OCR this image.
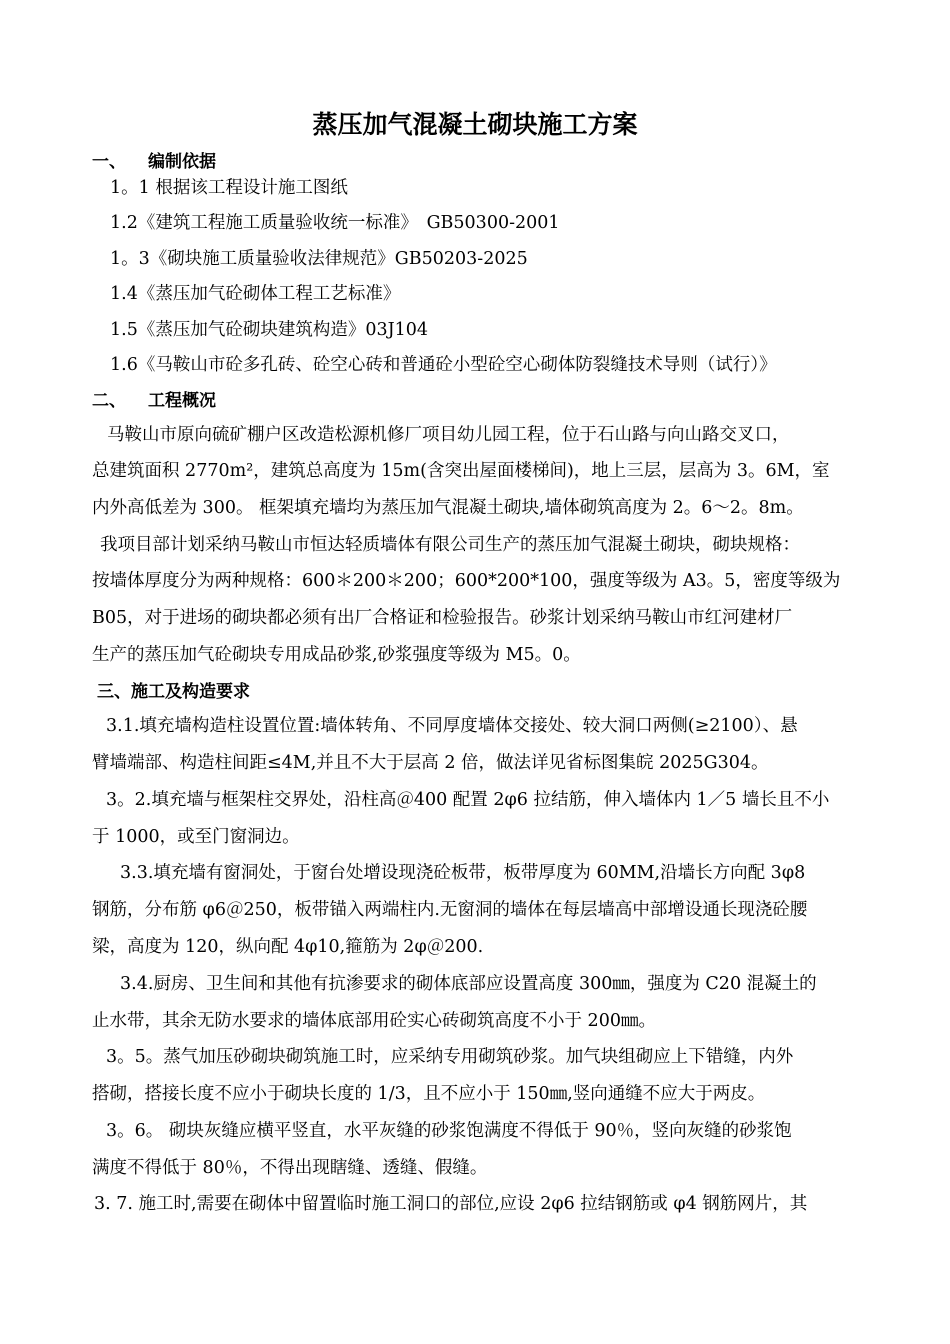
蒸压加气混凝土砌块施工方案
一、 编制依据
1。1 根据该工程设计施工图纸
1.2《建筑工程施工质量验收统一标准》　GB50300-2001
1。3《砌块施工质量验收法律规范》GB50203-2025
1.4《蒸压加气砼砌体工程工艺标准》
1.5《蒸压加气砼砌块建筑构造》03J104
1.6《马鞍山市砼多孔砖、砼空心砖和普通砼小型砼空心砌体防裂缝技术导则（试行）》
二、 工程概况
马鞍山市原向硫矿棚户区改造松源机修厂项目幼儿园工程，位于石山路与向山路交叉口，
总建筑面积 2770m²，建筑总高度为 15m(含突出屋面楼梯间)，地上三层，层高为 3。6M，室
内外高低差为 300。 框架填充墙均为蒸压加气混凝土砌块,墙体砌筑高度为 2。6～2。8m。
我项目部计划采纳马鞍山市恒达轻质墙体有限公司生产的蒸压加气混凝土砌块，砌块规格：
按墙体厚度分为两种规格：600＊200＊200；600*200*100，强度等级为 A3。5，密度等级为
B05，对于进场的砌块都必须有出厂合格证和检验报告。砂浆计划采纳马鞍山市红河建材厂
生产的蒸压加气砼砌块专用成品砂浆,砂浆强度等级为 M5。0。
三、施工及构造要求
3.1.填充墙构造柱设置位置:墙体转角、不同厚度墙体交接处、较大洞口两侧(≥2100）、悬
臂墙端部、构造柱间距≤4M,并且不大于层高 2 倍，做法详见省标图集皖 2025G304。
3。2.填充墙与框架柱交界处，沿柱高＠400 配置 2φ6 拉结筋，伸入墙体内 1／5 墙长且不小
于 1000，或至门窗洞边。
3.3.填充墙有窗洞处，于窗台处增设现浇砼板带，板带厚度为 60MM,沿墙长方向配 3φ8
钢筋，分布筋 φ6＠250，板带锚入两端柱内.无窗洞的墙体在每层墙高中部增设通长现浇砼腰
梁，高度为 120，纵向配 4φ10,箍筋为 2φ＠200.
3.4.厨房、卫生间和其他有抗渗要求的砌体底部应设置高度 300㎜，强度为 C20 混凝土的
止水带，其余无防水要求的墙体底部用砼实心砖砌筑高度不小于 200㎜。
3。5。蒸气加压砂砌块砌筑施工时，应采纳专用砌筑砂浆。加气块组砌应上下错缝，内外
搭砌，搭接长度不应小于砌块长度的 1/3，且不应小于 150㎜,竖向通缝不应大于两皮。
3。6。 砌块灰缝应横平竖直，水平灰缝的砂浆饱满度不得低于 90％，竖向灰缝的砂浆饱
满度不得低于 80％，不得出现瞎缝、透缝、假缝。
3. 7. 施工时,需要在砌体中留置临时施工洞口的部位,应设 2φ6 拉结钢筋或 φ4 钢筋网片，其
